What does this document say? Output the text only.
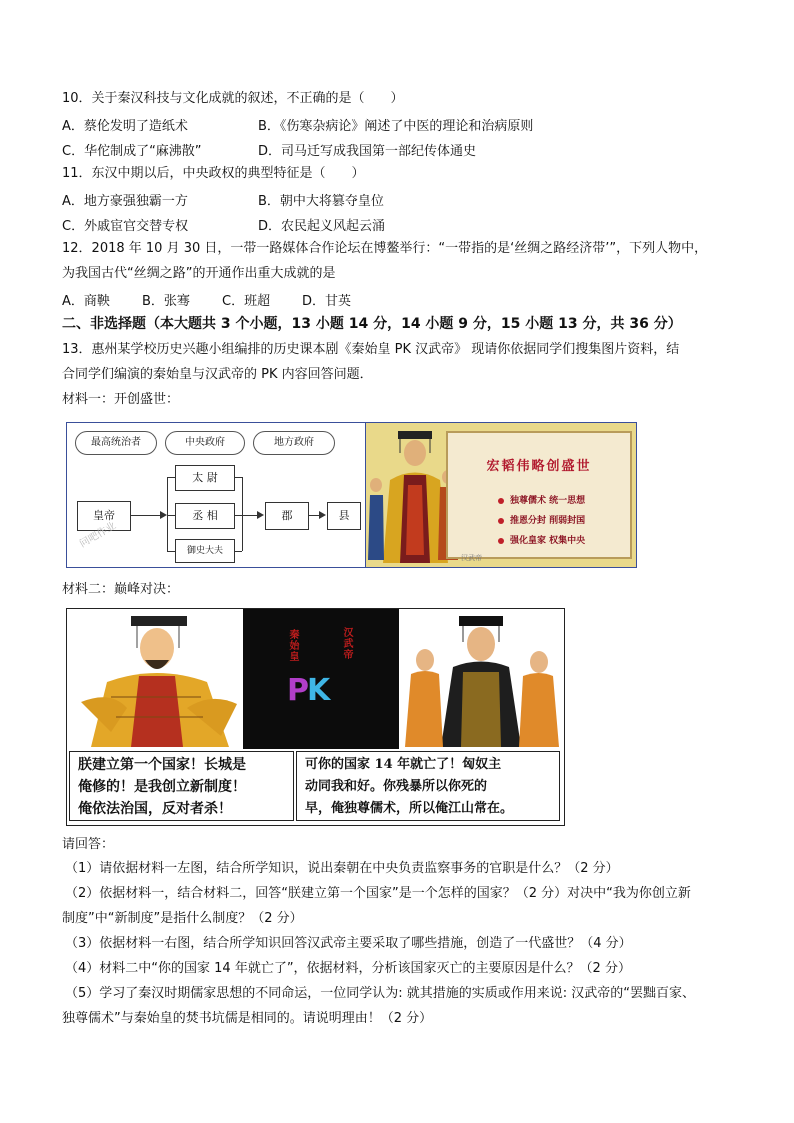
10．关于秦汉科技与文化成就的叙述，不正确的是（　　）
A．蔡伦发明了造纸术	B．《伤寒杂病论》阐述了中医的理论和治病原则
C．华佗制成了“麻沸散”	D．司马迁写成我国第一部纪传体通史
11．东汉中期以后，中央政权的典型特征是（　　）
A．地方豪强独霸一方	B．朝中大将篡夺皇位
C．外戚宦官交替专权	D．农民起义风起云涌
12．2018 年 10 月 30 日，一带一路媒体合作论坛在博鳌举行：“一带指的是‘丝绸之路经济带’”，下列人物中，
为我国古代“丝绸之路”的开通作出重大成就的是
A．商鞅 B．张骞 C．班超 D．甘英
二、非选择题（本大题共 3 个小题，13 小题 14 分，14 小题 9 分，15 小题 13 分，共 36 分）
13．惠州某学校历史兴趣小组编排的历史课本剧《秦始皇 PK 汉武帝》 现请你依据同学们搜集图片资料，结
合同学们编演的秦始皇与汉武帝的 PK 内容回答问题．
材料一：开创盛世：
最高统治者	中央政府	地方政府
皇帝
太 尉
丞 相
御史大夫
郡	县
问吧作业
宏韬伟略创盛世
独尊儒术 统一思想
推恩分封 削弱封国
强化皇家 权集中央
汉武帝
材料二：巅峰对决：
秦始皇	汉武帝
PK
朕建立第一个国家！长城是
俺修的！是我创立新制度！
俺依法治国，反对者杀！
可你的国家 14 年就亡了！匈奴主
动同我和好。你残暴所以你死的
早，俺独尊儒术，所以俺江山常在。
请回答：
（1）请依据材料一左图，结合所学知识，说出秦朝在中央负责监察事务的官职是什么？（2 分）
（2）依据材料一，结合材料二，回答“朕建立第一个国家”是一个怎样的国家？（2 分）对决中“我为你创立新
制度”中“新制度”是指什么制度？（2 分）
（3）依据材料一右图，结合所学知识回答汉武帝主要采取了哪些措施，创造了一代盛世？（4 分）
（4）材料二中“你的国家 14 年就亡了”，依据材料，分析该国家灭亡的主要原因是什么？（2 分）
（5）学习了秦汉时期儒家思想的不同命运，一位同学认为: 就其措施的实质或作用来说: 汉武帝的“罢黜百家、
独尊儒术”与秦始皇的焚书坑儒是相同的。请说明理由！（2 分）
